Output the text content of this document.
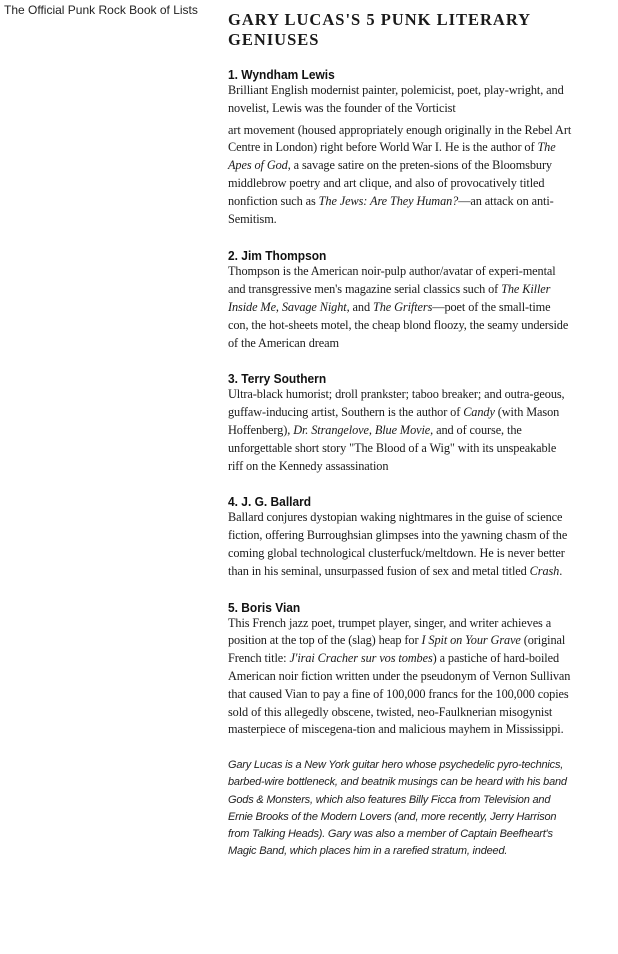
The Official Punk Rock Book of Lists GARY LUCAS'S 5 PUNK LITERARY GENIUSES
1. Wyndham Lewis

Brilliant English modernist painter, polemicist, poet, play-wright, and novelist, Lewis was the founder of the Vorticist

art movement (housed appropriately enough originally in the Rebel Art Centre in London) right before World War I. He is the author of The Apes of God, a savage satire on the preten-sions of the Bloomsbury middlebrow poetry and art clique, and also of provocatively titled nonfiction such as The Jews: Are They Human?—an attack on anti-Semitism.

2. Jim Thompson

Thompson is the American noir-pulp author/avatar of experi-mental and transgressive men's magazine serial classics such of The Killer Inside Me, Savage Night, and The Grifters—poet of the small-time con, the hot-sheets motel, the cheap blond floozy, the seamy underside of the American dream

3. Terry Southern

Ultra-black humorist; droll prankster; taboo breaker; and outra-geous, guffaw-inducing artist, Southern is the author of Candy (with Mason Hoffenberg), Dr. Strangelove, Blue Movie, and of course, the unforgettable short story "The Blood of a Wig" with its unspeakable riff on the Kennedy assassination

4. J. G. Ballard

Ballard conjures dystopian waking nightmares in the guise of science fiction, offering Burroughsian glimpses into the yawning chasm of the coming global technological clusterfuck/meltdown. He is never better than in his seminal, unsurpassed fusion of sex and metal titled Crash.

5. Boris Vian

This French jazz poet, trumpet player, singer, and writer achieves a position at the top of the (slag) heap for I Spit on Your Grave (original French title: J'irai Cracher sur vos tombes) a pastiche of hard-boiled American noir fiction written under the pseudonym of Vernon Sullivan that caused Vian to pay a fine of 100,000 francs for the 100,000 copies sold of this allegedly obscene, twisted, neo-Faulknerian misogynist masterpiece of miscegena-tion and malicious mayhem in Mississippi.

Gary Lucas is a New York guitar hero whose psychedelic pyro-technics, barbed-wire bottleneck, and beatnik musings can be heard with his band Gods & Monsters, which also features Billy Ficca from Television and Ernie Brooks of the Modern Lovers (and, more recently, Jerry Harrison from Talking Heads). Gary was also a member of Captain Beefheart's Magic Band, which places him in a rarefied stratum, indeed.
